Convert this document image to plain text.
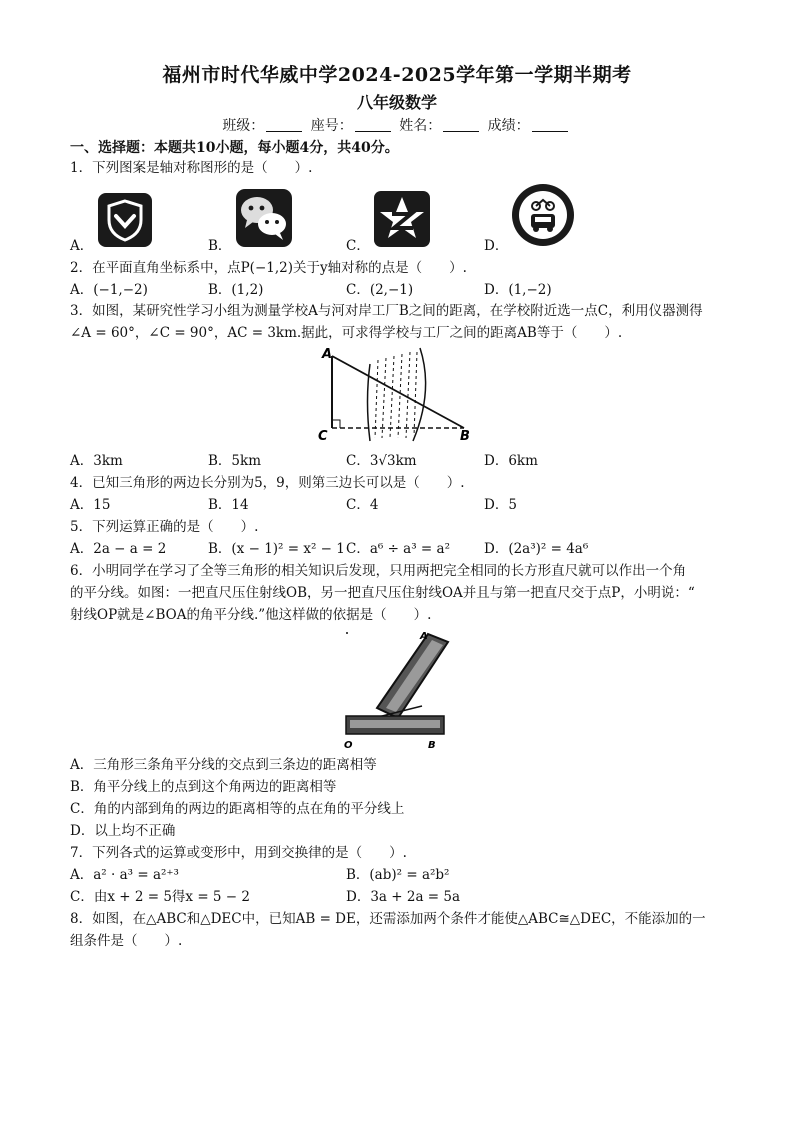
福州市时代华威中学2024-2025学年第一学期半期考
八年级数学
班级：	座号：	姓名：	成绩：
一、选择题：本题共10小题，每小题4分，共40分。
1．下列图案是轴对称图形的是（　　）.
A．	B．	C．	D．
2．在平面直角坐标系中，点P(−1,2)关于y轴对称的点是（　　）.
A．(−1,−2)	B．(1,2)	C．(2,−1)	D．(1,−2)
3．如图，某研究性学习小组为测量学校A与河对岸工厂B之间的距离，在学校附近选一点C，利用仪器测得
∠A = 60°，∠C = 90°，AC = 3km.据此，可求得学校与工厂之间的距离AB等于（　　）.
A
C	B
A．3km	B．5km	C．3√3km	D．6km
4．已知三角形的两边长分别为5，9，则第三边长可以是（　　）.
A．15	B．14	C．4	D．5
5．下列运算正确的是（　　）.
A．2a − a = 2	B．(x − 1)² = x² − 1 C．a⁶ ÷ a³ = a²	D．(2a³)² = 4a⁶
6．小明同学在学习了全等三角形的相关知识后发现，只用两把完全相同的长方形直尺就可以作出一个角
的平分线。如图：一把直尺压住射线OB，另一把直尺压住射线OA并且与第一把直尺交于点P，小明说：“
射线OP就是∠BOA的角平分线.”他这样做的依据是（　　）.
O	B
A
A．三角形三条角平分线的交点到三条边的距离相等
B．角平分线上的点到这个角两边的距离相等
C．角的内部到角的两边的距离相等的点在角的平分线上
D．以上均不正确
7．下列各式的运算或变形中，用到交换律的是（　　）.
A．a² · a³ = a²⁺³	B．(ab)² = a²b²
C．由x + 2 = 5得x = 5 − 2	D．3a + 2a = 5a
8．如图，在△ABC和△DEC中，已知AB = DE，还需添加两个条件才能使△ABC≅△DEC，不能添加的一
组条件是（　　）.
